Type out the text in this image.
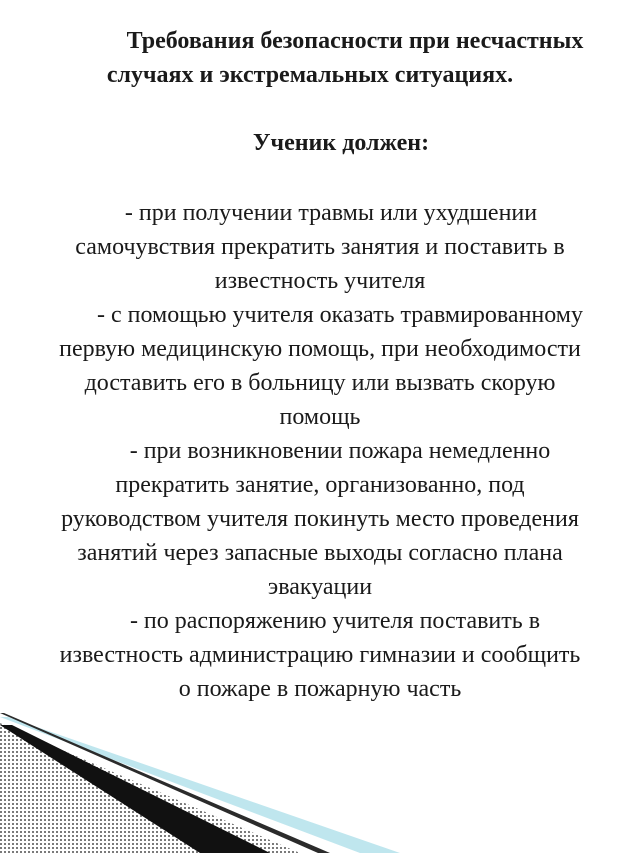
Требования безопасности при несчастных
случаях и экстремальных ситуациях.
Ученик должен:

- при получении травмы или ухудшении
самочувствия прекратить занятия и поставить в
известность учителя
- с помощью учителя оказать травмированному
первую медицинскую помощь, при необходимости
доставить его в больницу или вызвать скорую
помощь
- при возникновении пожара немедленно
прекратить занятие, организованно, под
руководством учителя покинуть место проведения
занятий через запасные выходы согласно плана
эвакуации
- по распоряжению учителя поставить в
известность администрацию гимназии и сообщить
о пожаре в пожарную часть
